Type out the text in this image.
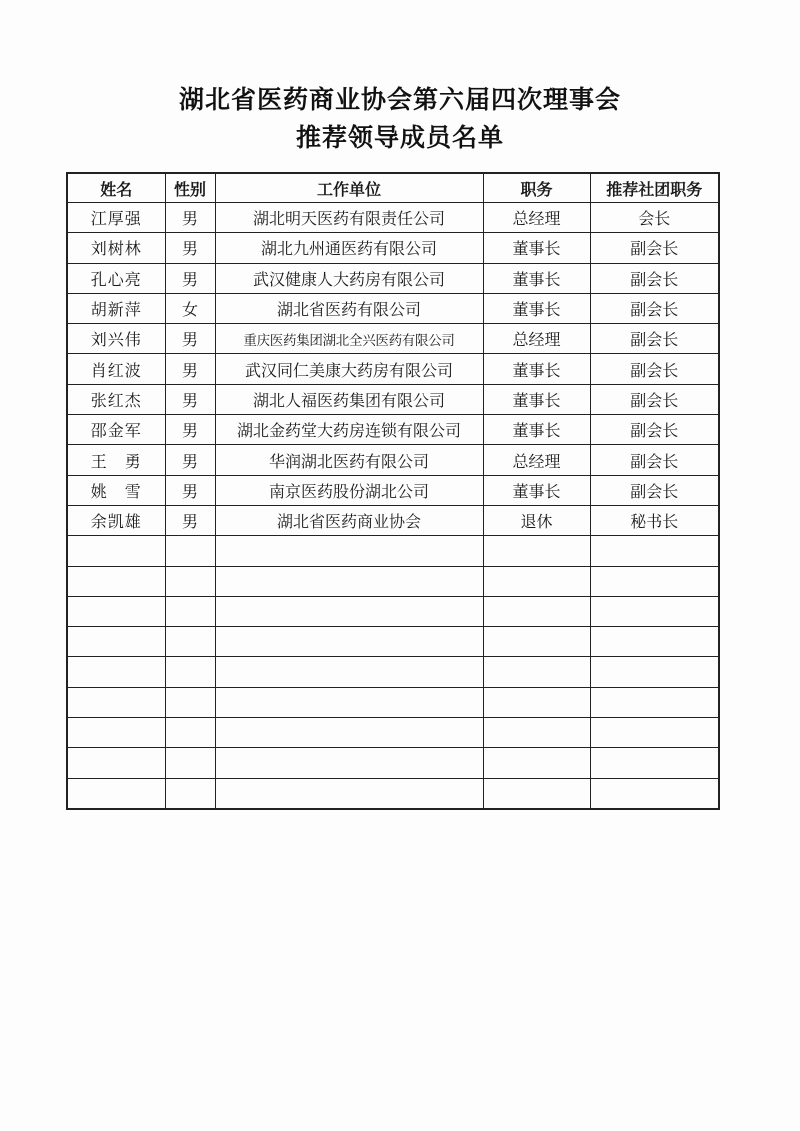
湖北省医药商业协会第六届四次理事会
推荐领导成员名单
姓名	性别	工作单位	职务	推荐社团职务
江厚强	男	湖北明天医药有限责任公司	总经理	会长
刘树林	男	湖北九州通医药有限公司	董事长	副会长
孔心亮	男	武汉健康人大药房有限公司	董事长	副会长
胡新萍	女	湖北省医药有限公司	董事长	副会长
刘兴伟	男	重庆医药集团湖北全兴医药有限公司	总经理	副会长
肖红波	男	武汉同仁美康大药房有限公司	董事长	副会长
张红杰	男	湖北人福医药集团有限公司	董事长	副会长
邵金军	男	湖北金药堂大药房连锁有限公司	董事长	副会长
王　勇	男	华润湖北医药有限公司	总经理	副会长
姚　雪	男	南京医药股份湖北公司	董事长	副会长
余凯雄	男	湖北省医药商业协会	退休	秘书长
